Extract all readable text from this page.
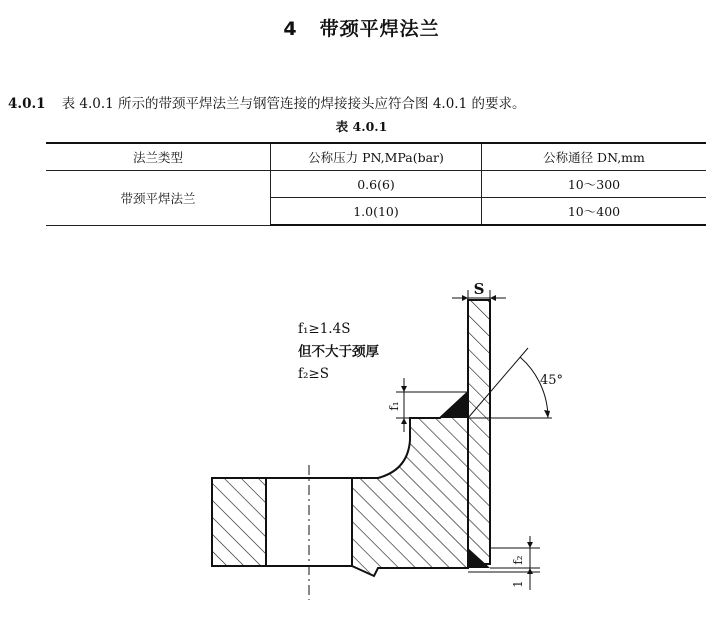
4 带颈平焊法兰
4.0.1 表 4.0.1 所示的带颈平焊法兰与钢管连接的焊接接头应符合图 4.0.1 的要求。
表 4.0.1
法兰类型	公称压力 PN,MPa(bar)	公称通径 DN,mm
带颈平焊法兰	0.6(6)	10～300
	1.0(10)	10～400
S
45°
f₁
f₂
1
f₁≥1.4S
但不大于颈厚
f₂≥S
